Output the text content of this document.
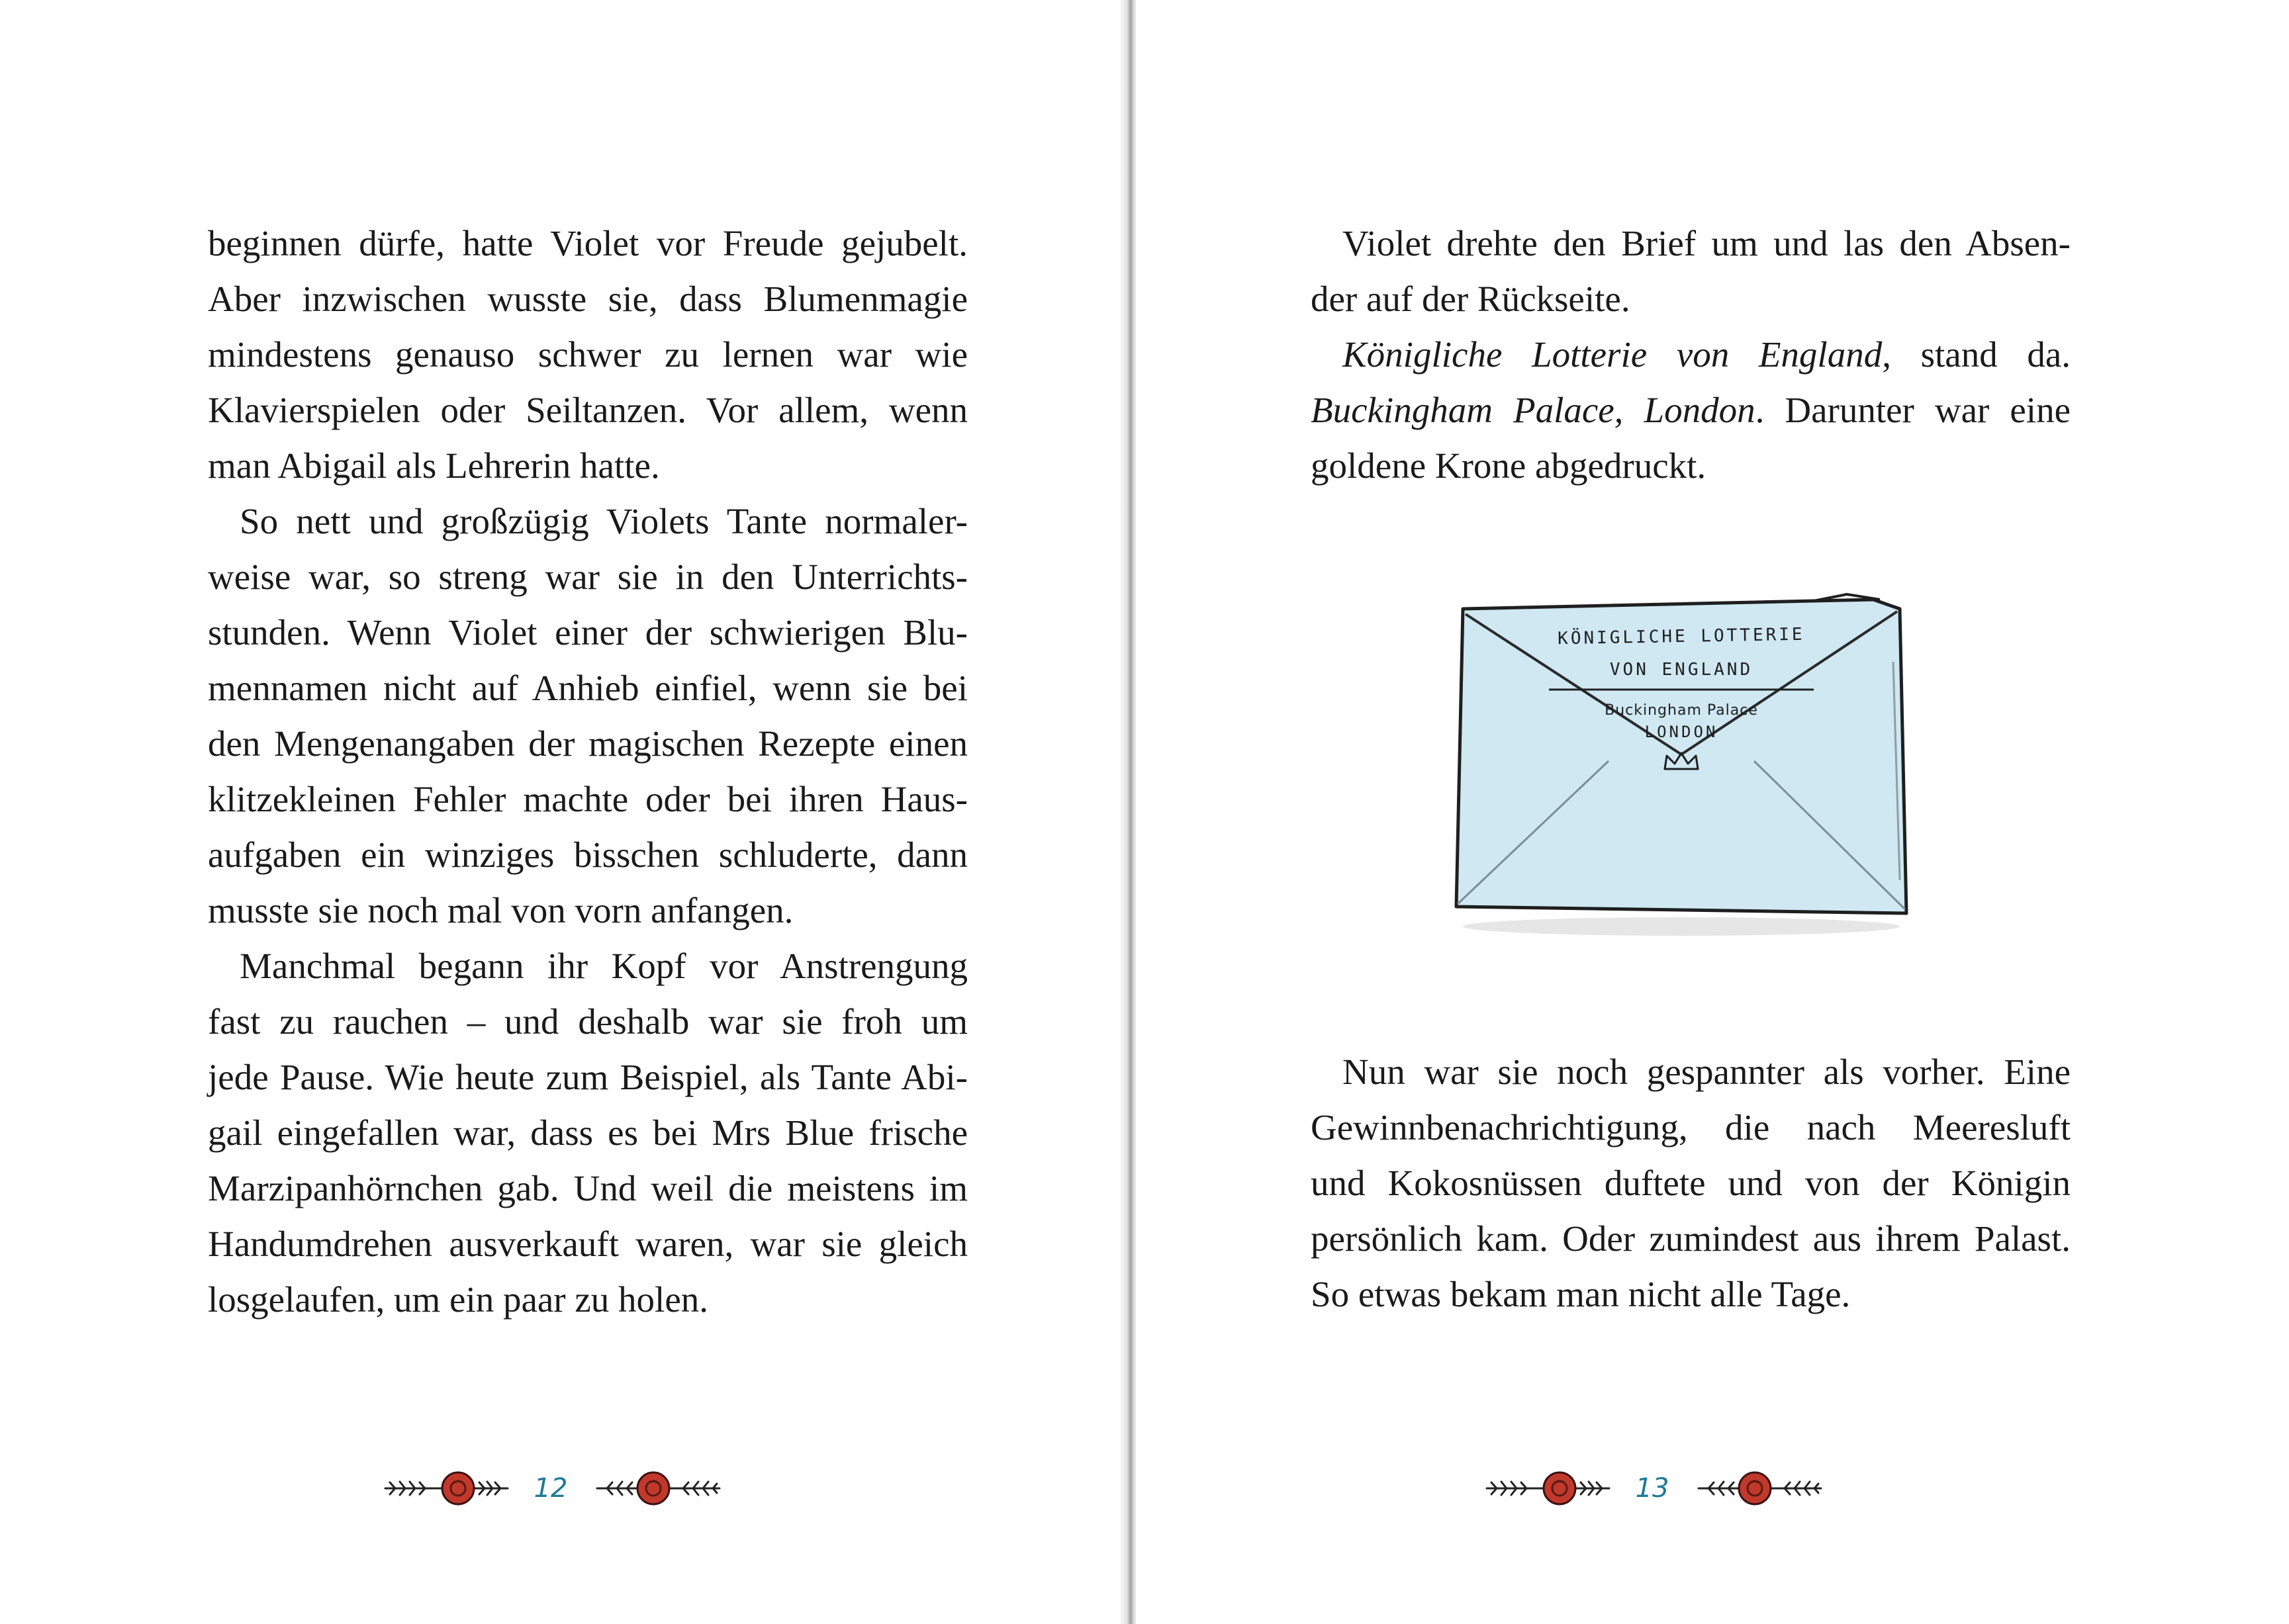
beginnen dürfe, hatte Violet vor Freude gejubelt.
Aber inzwischen wusste sie, dass Blumenmagie
mindestens genauso schwer zu lernen war wie
Klavierspielen oder Seiltanzen. Vor allem, wenn
man Abigail als Lehrerin hatte.
So nett und großzügig Violets Tante normaler-
weise war, so streng war sie in den Unterrichts-
stunden. Wenn Violet einer der schwierigen Blu-
mennamen nicht auf Anhieb einfiel, wenn sie bei
den Mengenangaben der magischen Rezepte einen
klitzekleinen Fehler machte oder bei ihren Haus-
aufgaben ein winziges bisschen schluderte, dann
musste sie noch mal von vorn anfangen.
Manchmal begann ihr Kopf vor Anstrengung
fast zu rauchen – und deshalb war sie froh um
jede Pause. Wie heute zum Beispiel, als Tante Abi-
gail eingefallen war, dass es bei Mrs Blue frische
Marzipanhörnchen gab. Und weil die meistens im
Handumdrehen ausverkauft waren, war sie gleich
losgelaufen, um ein paar zu holen.
12
Violet drehte den Brief um und las den Absen-
der auf der Rückseite.
Königliche Lotterie von England, stand da.
Buckingham Palace, London. Darunter war eine
goldene Krone abgedruckt.
KÖNIGLICHE LOTTERIE
VON ENGLAND
Buckingham Palace
LONDON
Nun war sie noch gespannter als vorher. Eine
Gewinnbenachrichtigung, die nach Meeresluft
und Kokosnüssen duftete und von der Königin
persönlich kam. Oder zumindest aus ihrem Palast.
So etwas bekam man nicht alle Tage.
13
